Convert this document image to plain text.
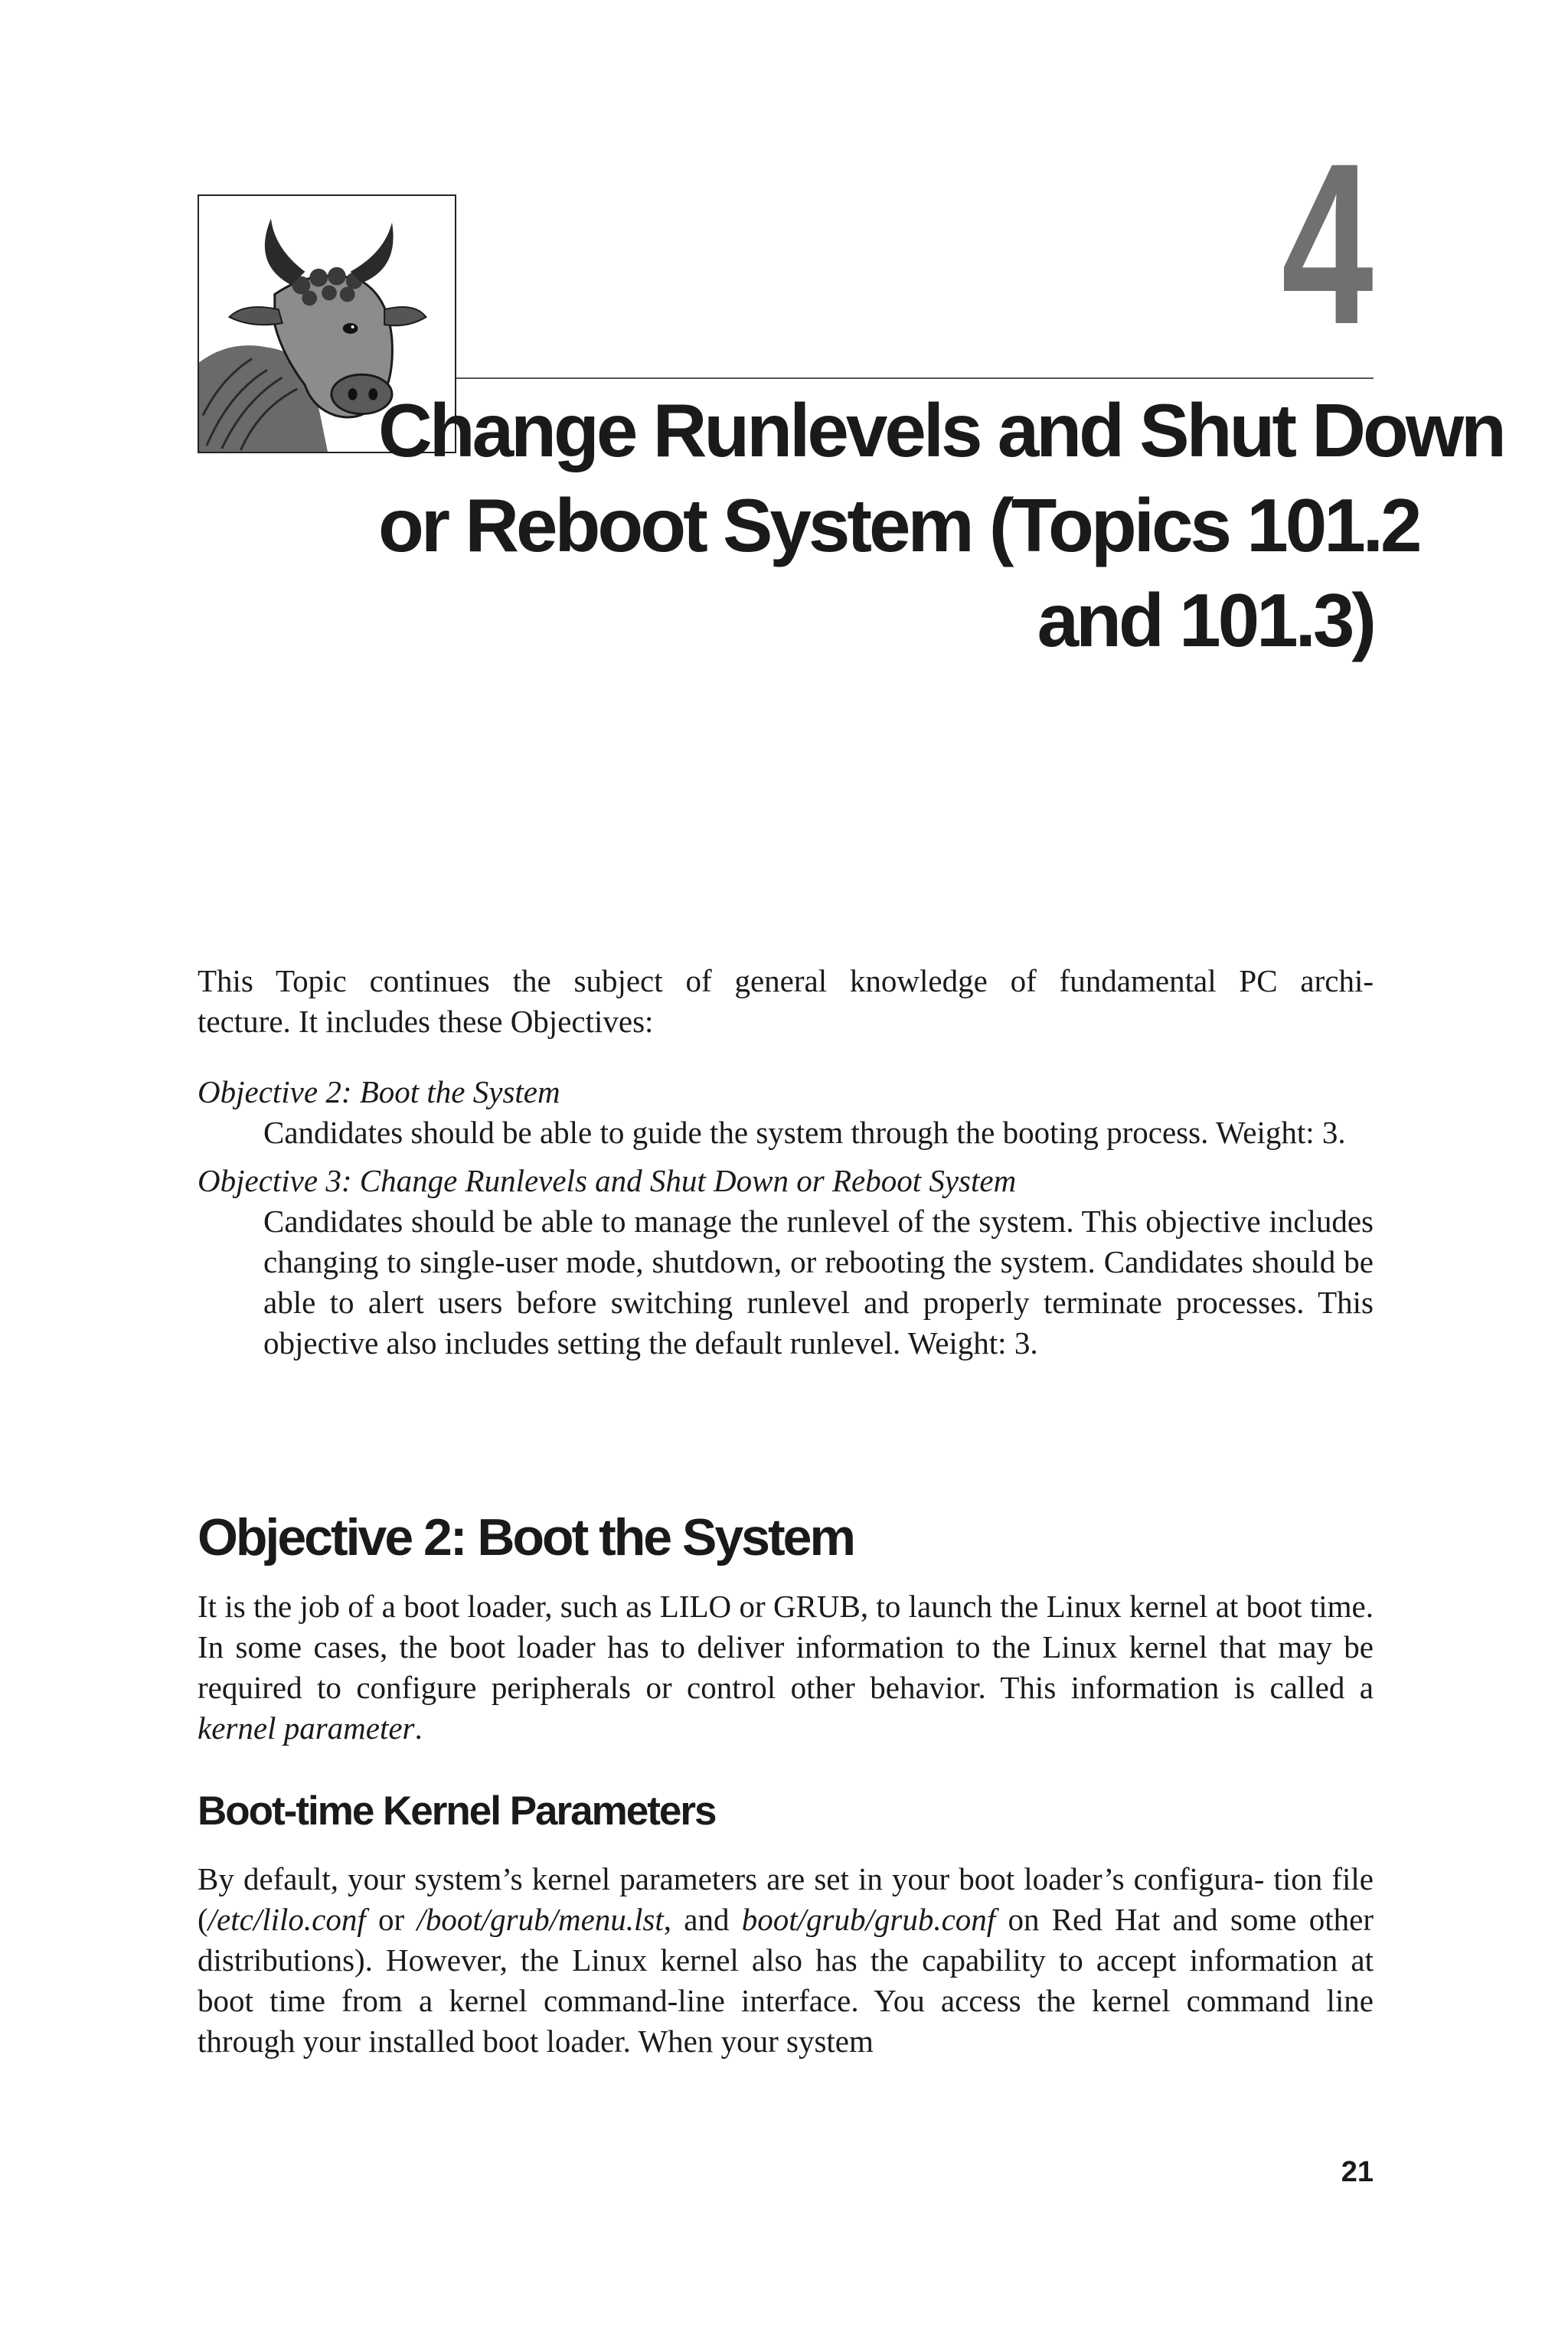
4
Change Runlevels and Shut Down
or Reboot System (Topics 101.2
and 101.3)

This Topic continues the subject of general knowledge of fundamental PC archi-

tecture. It includes these Objectives:

Objective 2: Boot the System
Candidates should be able to guide the system through the booting process. Weight: 3.
Objective 3: Change Runlevels and Shut Down or Reboot System
Candidates should be able to manage the runlevel of the system. This objective includes changing to single-user mode, shutdown, or rebooting the system. Candidates should be able to alert users before switching runlevel and properly terminate processes. This objective also includes setting the default runlevel. Weight: 3.
Objective 2: Boot the System

It is the job of a boot loader, such as LILO or GRUB, to launch the Linux kernel at boot time. In some cases, the boot loader has to deliver information to the Linux kernel that may be required to configure peripherals or control other behavior. This information is called a kernel parameter.

Boot-time Kernel Parameters

By default, your system’s kernel parameters are set in your boot loader’s configura- tion file (/etc/lilo.conf or /boot/grub/menu.lst, and boot/grub/grub.conf on Red Hat and some other distributions). However, the Linux kernel also has the capability to accept information at boot time from a kernel command-line interface. You access the kernel command line through your installed boot loader. When your system

21
